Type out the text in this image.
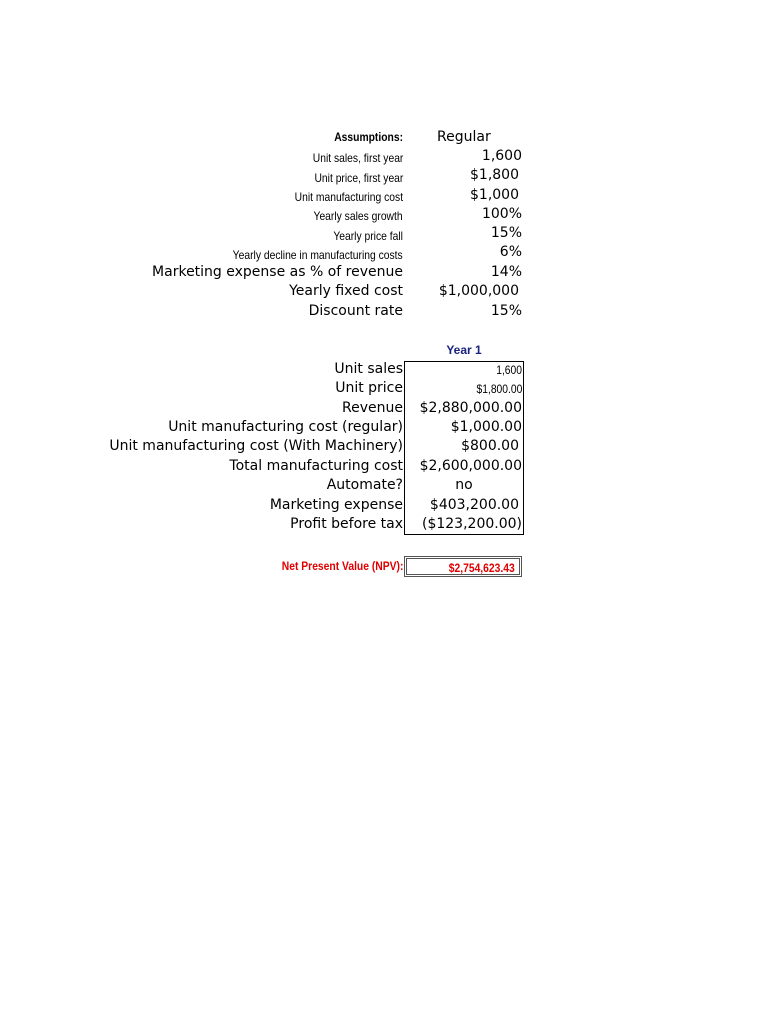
Assumptions: Regular
Unit sales, first year	1,600
Unit price, first year	$1,800
Unit manufacturing cost	$1,000
Yearly sales growth	100%
Yearly price fall	15%
Yearly decline in manufacturing costs	6%
Marketing expense as % of revenue	14%
Yearly fixed cost	$1,000,000
Discount rate	15%
Year 1
Unit sales	1,600
Unit price	$1,800.00
Revenue $2,880,000.00
Unit manufacturing cost (regular)	$1,000.00
Unit manufacturing cost (With Machinery)	$800.00
Total manufacturing cost $2,600,000.00
Automate?	no
Marketing expense $403,200.00
Profit before tax ($123,200.00)
Net Present Value (NPV):	$2,754,623.43
